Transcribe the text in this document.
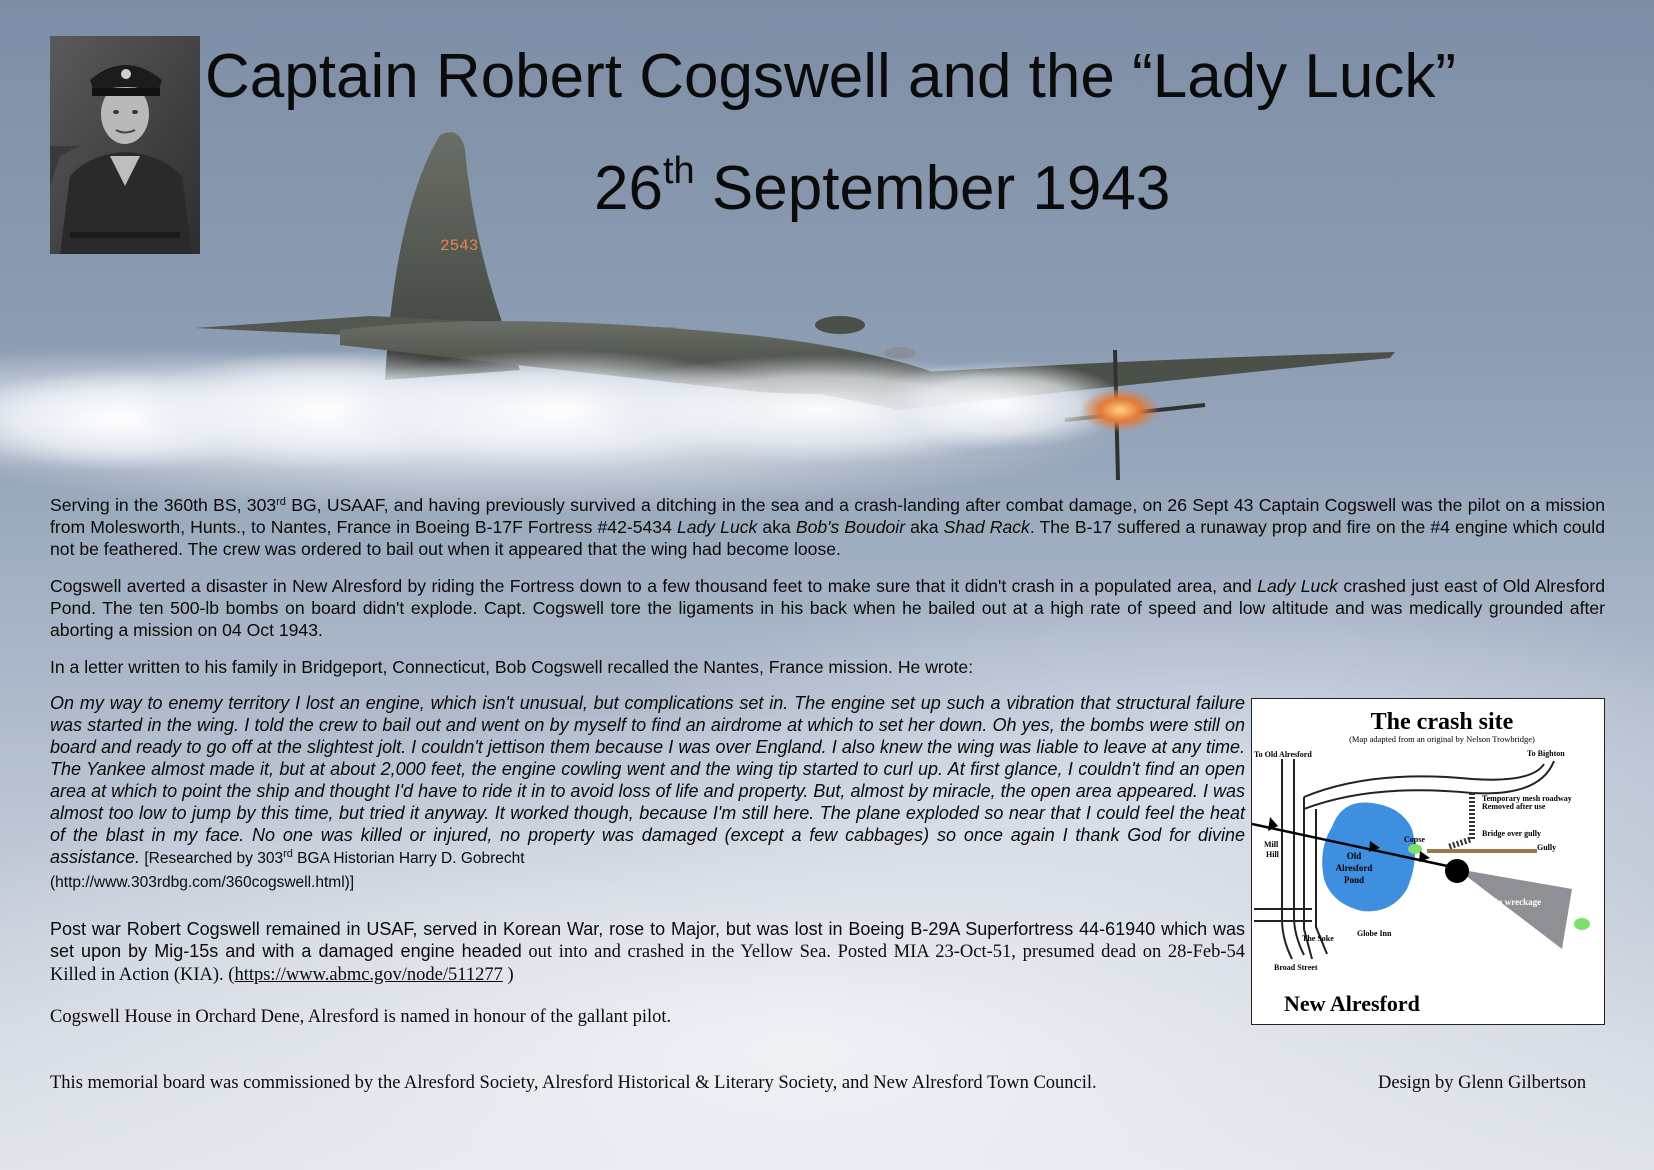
Captain Robert Cogswell and the “Lady Luck”
26th September 1943
2543

Serving in the 360th BS, 303rd BG, USAAF, and having previously survived a ditching in the sea and a crash-landing after combat damage, on 26 Sept 43 Captain Cogswell was the pilot on a mission from Molesworth, Hunts., to Nantes, France in Boeing B-17F Fortress #42-5434 Lady Luck aka Bob's Boudoir aka Shad Rack. The B-17 suffered a runaway prop and fire on the #4 engine which could not be feathered. The crew was ordered to bail out when it appeared that the wing had become loose.

Cogswell averted a disaster in New Alresford by riding the Fortress down to a few thousand feet to make sure that it didn't crash in a populated area, and Lady Luck crashed just east of Old Alresford Pond. The ten 500-lb bombs on board didn't explode. Capt. Cogswell tore the ligaments in his back when he bailed out at a high rate of speed and low altitude and was medically grounded after aborting a mission on 04 Oct 1943.

In a letter written to his family in Bridgeport, Connecticut, Bob Cogswell recalled the Nantes, France mission. He wrote:

On my way to enemy territory I lost an engine, which isn't unusual, but complications set in. The engine set up such a vibration that structural failure was started in the wing. I told the crew to bail out and went on by myself to find an airdrome at which to set her down. Oh yes, the bombs were still on board and ready to go off at the slightest jolt. I couldn't jettison them because I was over England. I also knew the wing was liable to leave at any time. The Yankee almost made it, but at about 2,000 feet, the engine cowling went and the wing tip started to curl up. At first glance, I couldn't find an open area at which to point the ship and thought I'd have to ride it in to avoid loss of life and property. But, almost by miracle, the open area appeared. I was almost too low to jump by this time, but tried it anyway. It worked though, because I'm still here. The plane exploded so near that I could feel the heat of the blast in my face. No one was killed or injured, no property was damaged (except a few cabbages) so once again I thank God for divine assistance. [Researched by 303rd BGA Historian Harry D. Gobrecht
(http://www.303rdbg.com/360cogswell.html)]

Post war Robert Cogswell remained in USAF, served in Korean War, rose to Major, but was lost in Boeing B-29A Superfortress 44-61940 which was set upon by Mig-15s and with a damaged engine headed out into and crashed in the Yellow Sea. Posted MIA 23-Oct-51, presumed dead on 28-Feb-54 Killed in Action (KIA). (https://www.abmc.gov/node/511277 )

Cogswell House in Orchard Dene, Alresford is named in honour of the gallant pilot.

This memorial board was commissioned by the Alresford Society, Alresford Historical & Literary Society, and New Alresford Town Council.	Design by Glenn Gilbertson

The crash site
(Map adapted from an original by Nelson Trowbridge)
To Old Alresford	To Bighton
Temporary mesh roadway
Removed after use
Copse
Bridge over gully
Gully
Mill
Hill
The Soke
Globe Inn
Broad Street
Old
Alresford
Pond
Main wreckage
New Alresford
